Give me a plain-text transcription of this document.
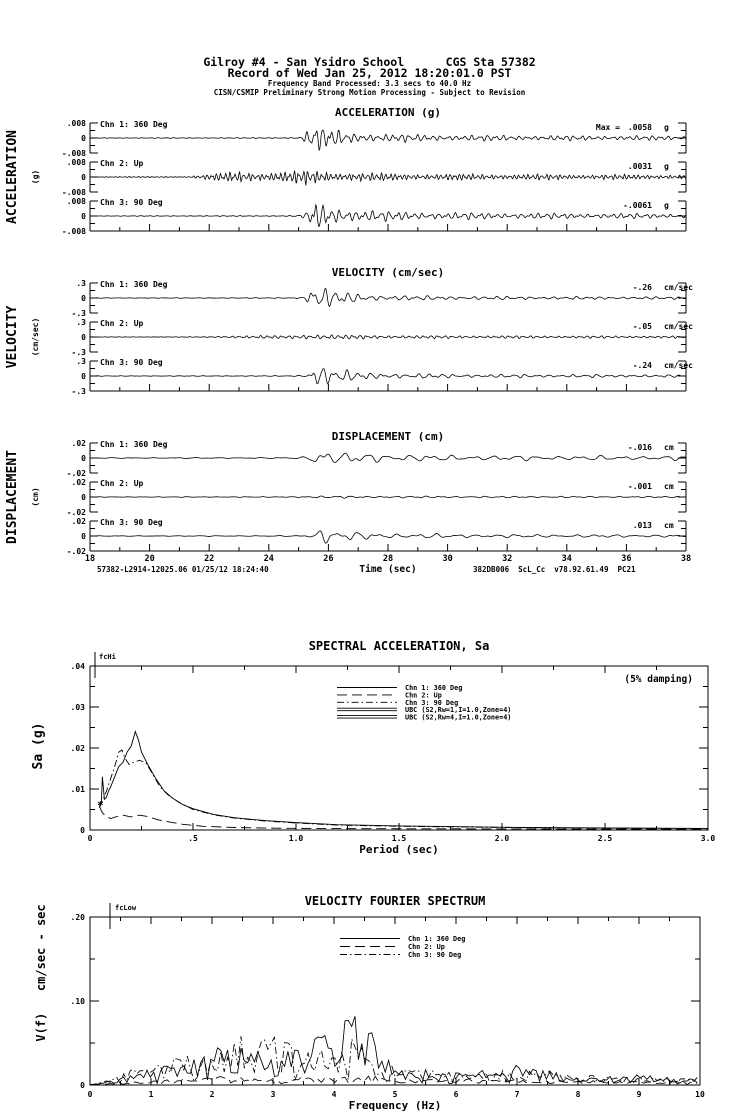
Gilroy #4 - San Ysidro School      CGS Sta 57382
Record of Wed Jan 25, 2012 18:20:01.0 PST
Frequency Band Processed: 3.3 secs to 40.0 Hz
CISN/CSMIP Preliminary Strong Motion Processing - Subject to Revision
ACCELERATION (g)
ACCELERATION (g)
.008
0
-.008
Chn 1: 360 Deg	Max = .0058 g
.008
0
-.008
Chn 2: Up	.0031 g
.008
0
-.008
Chn 3: 90 Deg	-.0061 g
VELOCITY (cm/sec)
VELOCITY (cm/sec)
.3
0
-.3
Chn 1: 360 Deg	-.26 cm/sec
.3
0
-.3
Chn 2: Up	-.05 cm/sec
.3
0
-.3
Chn 3: 90 Deg	-.24 cm/sec
DISPLACEMENT (cm)
DISPLACEMENT (cm)
.02
0
-.02
Chn 1: 360 Deg	-.016 cm
.02
0
-.02
Chn 2: Up	-.001 cm
.02
0
-.02
Chn 3: 90 Deg	.013 cm
18	20	22	24	26	28	30	32	34	36	38
Time (sec)
57382-L2914-12025.06 01/25/12 18:24:40	382DB006  ScL_Cc  v78.92.61.49  PC21
.04
.03
.02
.01
0
0	.5	1.0	1.5	2.0	2.5	3.0
SPECTRAL ACCELERATION, Sa
(5% damping)
fcHi
Sa (g)
Period (sec)
*
Chn 1: 360 Deg
Chn 2: Up
Chn 3: 90 Deg
UBC (S2,Rw=1,I=1.0,Zone=4)
UBC (S2,Rw=4,I=1.0,Zone=4)
.20
.10
0
0	1	2	3	4	5	6	7	8	9	10
VELOCITY FOURIER SPECTRUM
fcLow
V(f)   cm/sec - sec
Frequency (Hz)
Chn 1: 360 Deg
Chn 2: Up
Chn 3: 90 Deg
